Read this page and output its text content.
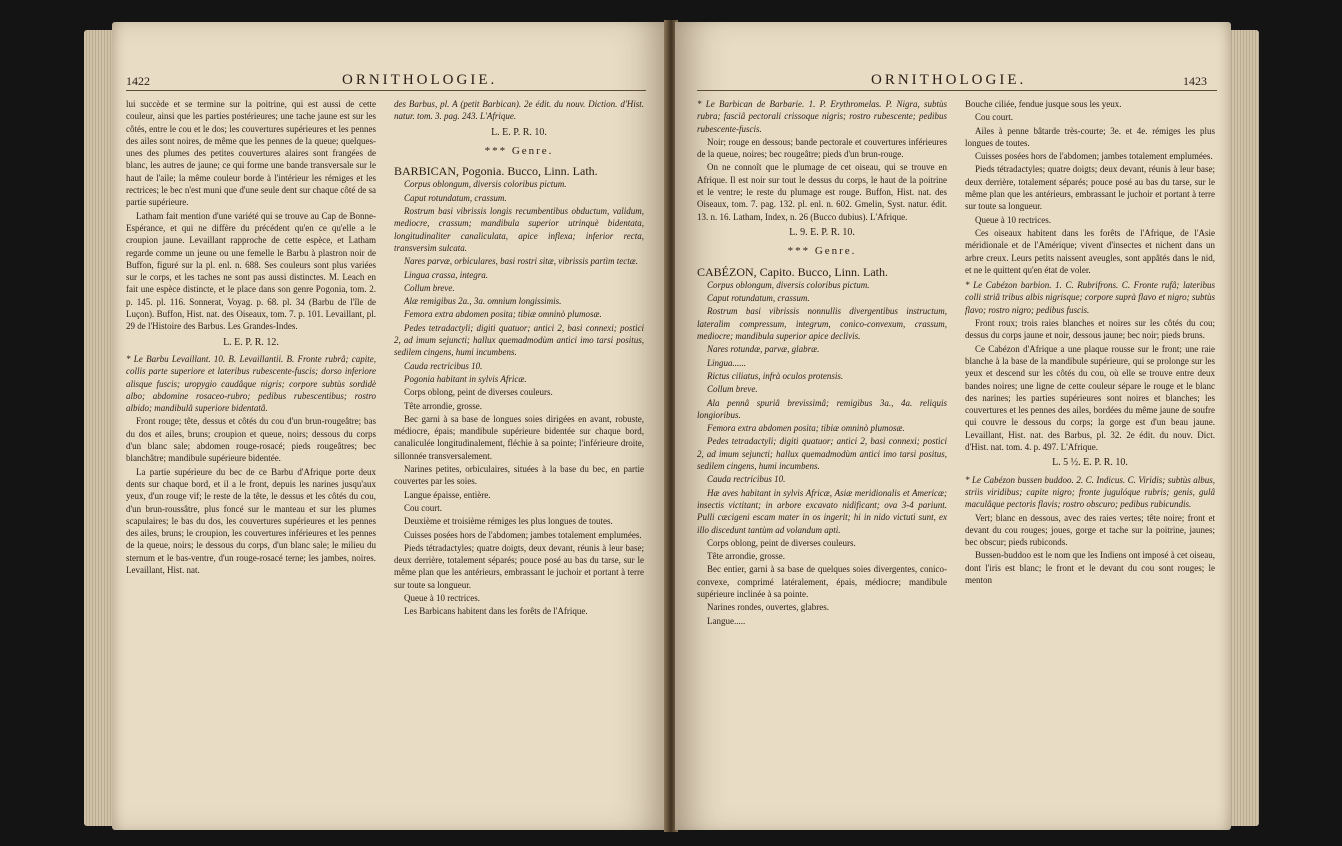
1422	ORNITHOLOGIE.

lui succède et se termine sur la poitrine, qui est aussi de cette couleur, ainsi que les parties postérieures; une tache jaune est sur les côtés, entre le cou et le dos; les couvertures supérieures et les pennes des ailes sont noires, de même que les pennes de la queue; quelques-unes des plumes des petites couvertures alaires sont frangées de blanc, les autres de jaune; ce qui forme une bande transversale sur le haut de l'aile; la même couleur borde à l'intérieur les rémiges et les rectrices; le bec n'est muni que d'une seule dent sur chaque côté de sa partie supérieure.

Latham fait mention d'une variété qui se trouve au Cap de Bonne-Espérance, et qui ne diffère du précédent qu'en ce qu'elle a le croupion jaune. Levaillant rapproche de cette espèce, et Latham regarde comme un jeune ou une femelle le Barbu à plastron noir de Buffon, figuré sur la pl. enl. n. 688. Ses couleurs sont plus variées sur le corps, et les taches ne sont pas aussi distinctes. M. Leach en fait une espèce distincte, et le place dans son genre Pogonia, tom. 2. p. 145. pl. 116. Sonnerat, Voyag. p. 68. pl. 34 (Barbu de l'île de Luçon). Buffon, Hist. nat. des Oiseaux, tom. 7. p. 101. Levaillant, pl. 29 de l'Histoire des Barbus. Les Grandes-Indes.

L. E. P. R. 12.

* Le Barbu Levaillant. 10. B. Levaillantii. B. Fronte rubrâ; capite, collis parte superiore et lateribus rubescente-fuscis; dorso inferiore alisque fuscis; uropygio caudâque nigris; corpore subtùs sordidè albo; abdomine rosaceo-rubro; pedibus rubescentibus; rostro albido; mandibulâ superiore bidentatâ.

Front rouge; tête, dessus et côtés du cou d'un brun-rougeâtre; bas du dos et ailes, bruns; croupion et queue, noirs; dessous du corps d'un blanc sale; abdomen rouge-rosacé; pieds rougeâtres; bec blanchâtre; mandibule supérieure bidentée.

La partie supérieure du bec de ce Barbu d'Afrique porte deux dents sur chaque bord, et il a le front, depuis les narines jusqu'aux yeux, d'un rouge vif; le reste de la tête, le dessus et les côtés du cou, d'un brun-roussâtre, plus foncé sur le manteau et sur les plumes scapulaires; le bas du dos, les couvertures supérieures et les pennes des ailes, bruns; le croupion, les couvertures inférieures et les pennes de la queue, noirs; le dessous du corps, d'un blanc sale; le milieu du sternum et le bas-ventre, d'un rouge-rosacé terne; les jambes, noires. Levaillant, Hist. nat.

des Barbus, pl. A (petit Barbican). 2e édit. du nouv. Diction. d'Hist. natur. tom. 3. pag. 243. L'Afrique.

L. E. P. R. 10.

*** Genre.

BARBICAN, Pogonia. Bucco, Linn. Lath.

Corpus oblongum, diversis coloribus pictum.

Caput rotundatum, crassum.

Rostrum basi vibrissis longis recumbentibus obductum, validum, mediocre, crassum; mandibula superior utrinquè bidentata, longitudinaliter canaliculata, apice inflexa; inferior recta, transversìm sulcata.

Nares parvæ, orbiculares, basi rostri sitæ, vibrissis partìm tectæ.

Lingua crassa, integra.

Collum breve.

Alæ remigibus 2a., 3a. omnium longissimis.

Femora extra abdomen posita; tibiæ omninò plumosæ.

Pedes tetradactyli; digiti quatuor; antici 2, basi connexi; postici 2, ad imum sejuncti; hallux quemadmodùm antici imo tarsi positus, sedilem cingens, humi incumbens.

Cauda rectricibus 10.

Pogonia habitant in sylvis Africæ.

Corps oblong, peint de diverses couleurs.

Tête arrondie, grosse.

Bec garni à sa base de longues soies dirigées en avant, robuste, médiocre, épais; mandibule supérieure bidentée sur chaque bord, canaliculée longitudinalement, fléchie à sa pointe; l'inférieure droite, sillonnée transversalement.

Narines petites, orbiculaires, situées à la base du bec, en partie couvertes par les soies.

Langue épaisse, entière.

Cou court.

Deuxième et troisième rémiges les plus longues de toutes.

Cuisses posées hors de l'abdomen; jambes totalement emplumées.

Pieds tétradactyles; quatre doigts, deux devant, réunis à leur base; deux derrière, totalement séparés; pouce posé au bas du tarse, sur le même plan que les antérieurs, embrassant le juchoir et portant à terre sur toute sa longueur.

Queue à 10 rectrices.

Les Barbicans habitent dans les forêts de l'Afrique.

ORNITHOLOGIE.	1423

* Le Barbican de Barbarie. 1. P. Erythromelas. P. Nigra, subtùs rubra; fasciâ pectorali crissoque nigris; rostro rubescente; pedibus rubescente-fuscis.

Noir; rouge en dessous; bande pectorale et couvertures inférieures de la queue, noires; bec rougeâtre; pieds d'un brun-rouge.

On ne connoît que le plumage de cet oiseau, qui se trouve en Afrique. Il est noir sur tout le dessus du corps, le haut de la poitrine et le ventre; le reste du plumage est rouge. Buffon, Hist. nat. des Oiseaux, tom. 7. pag. 132. pl. enl. n. 602. Gmelin, Syst. natur. édit. 13. n. 16. Latham, Index, n. 26 (Bucco dubius). L'Afrique.

L. 9. E. P. R. 10.

*** Genre.

CABÉZON, Capito. Bucco, Linn. Lath.

Corpus oblongum, diversis coloribus pictum.

Caput rotundatum, crassum.

Rostrum basi vibrissis nonnullis divergentibus instructum, lateralìm compressum, integrum, conico-convexum, crassum, mediocre; mandibula superior apice declivis.

Nares rotundæ, parvæ, glabræ.

Lingua......

Rictus ciliatus, infrà oculos protensis.

Collum breve.

Ala pennâ spuriâ brevissimâ; remigibus 3a., 4a. reliquis longioribus.

Femora extra abdomen posita; tibiæ omninò plumosæ.

Pedes tetradactyli; digiti quatuor; antici 2, basi connexi; postici 2, ad imum sejuncti; hallux quemadmodùm antici imo tarsi positus, sedilem cingens, humi incumbens.

Cauda rectricibus 10.

Hæ aves habitant in sylvis Africæ, Asiæ meridionalis et Americæ; insectis victitant; in arbore excavato nidificant; ova 3-4 pariunt. Pulli cæcigeni escam mater in os ingerit; hi in nido victuti sunt, ex illo discedunt tantùm ad volandum apti.

Corps oblong, peint de diverses couleurs.

Tête arrondie, grosse.

Bec entier, garni à sa base de quelques soies divergentes, conico-convexe, comprimé latéralement, épais, médiocre; mandibule supérieure inclinée à sa pointe.

Narines rondes, ouvertes, glabres.

Langue.....

Bouche ciliée, fendue jusque sous les yeux.

Cou court.

Ailes à penne bâtarde très-courte; 3e. et 4e. rémiges les plus longues de toutes.

Cuisses posées hors de l'abdomen; jambes totalement emplumées.

Pieds tétradactyles; quatre doigts; deux devant, réunis à leur base; deux derrière, totalement séparés; pouce posé au bas du tarse, sur le même plan que les antérieurs, embrassant le juchoir et portant à terre sur toute sa longueur.

Queue à 10 rectrices.

Ces oiseaux habitent dans les forêts de l'Afrique, de l'Asie méridionale et de l'Amérique; vivent d'insectes et nichent dans un arbre creux. Leurs petits naissent aveugles, sont appâtés dans le nid, et ne le quittent qu'en état de voler.

* Le Cabézon barbion. 1. C. Rubrifrons. C. Fronte rufâ; lateribus colli striâ tribus albis nigrisque; corpore suprà flavo et nigro; subtùs flavo; rostro nigro; pedibus fuscis.

Front roux; trois raies blanches et noires sur les côtés du cou; dessus du corps jaune et noir, dessous jaune; bec noir; pieds bruns.

Ce Cabézon d'Afrique a une plaque rousse sur le front; une raie blanche à la base de la mandibule supérieure, qui se prolonge sur les yeux et descend sur les côtés du cou, où elle se trouve entre deux bandes noires; une ligne de cette couleur sépare le rouge et le blanc des narines; les parties supérieures sont noires et blanches; les couvertures et les pennes des ailes, bordées du même jaune de soufre qui couvre le dessous du corps; la gorge est d'un beau jaune. Levaillant, Hist. nat. des Barbus, pl. 32. 2e édit. du nouv. Dict. d'Hist. nat. tom. 4. p. 497. L'Afrique.

L. 5 ½. E. P. R. 10.

* Le Cabézon bussen buddoo. 2. C. Indicus. C. Viridis; subtùs albus, striis viridibus; capite nigro; fronte jugulóque rubris; genis, gulâ maculâque pectoris flavis; rostro obscuro; pedibus rubicundis.

Vert; blanc en dessous, avec des raies vertes; tête noire; front et devant du cou rouges; joues, gorge et tache sur la poitrine, jaunes; bec obscur; pieds rubiconds.

Bussen-buddoo est le nom que les Indiens ont imposé à cet oiseau, dont l'iris est blanc; le front et le devant du cou sont rouges; le menton
